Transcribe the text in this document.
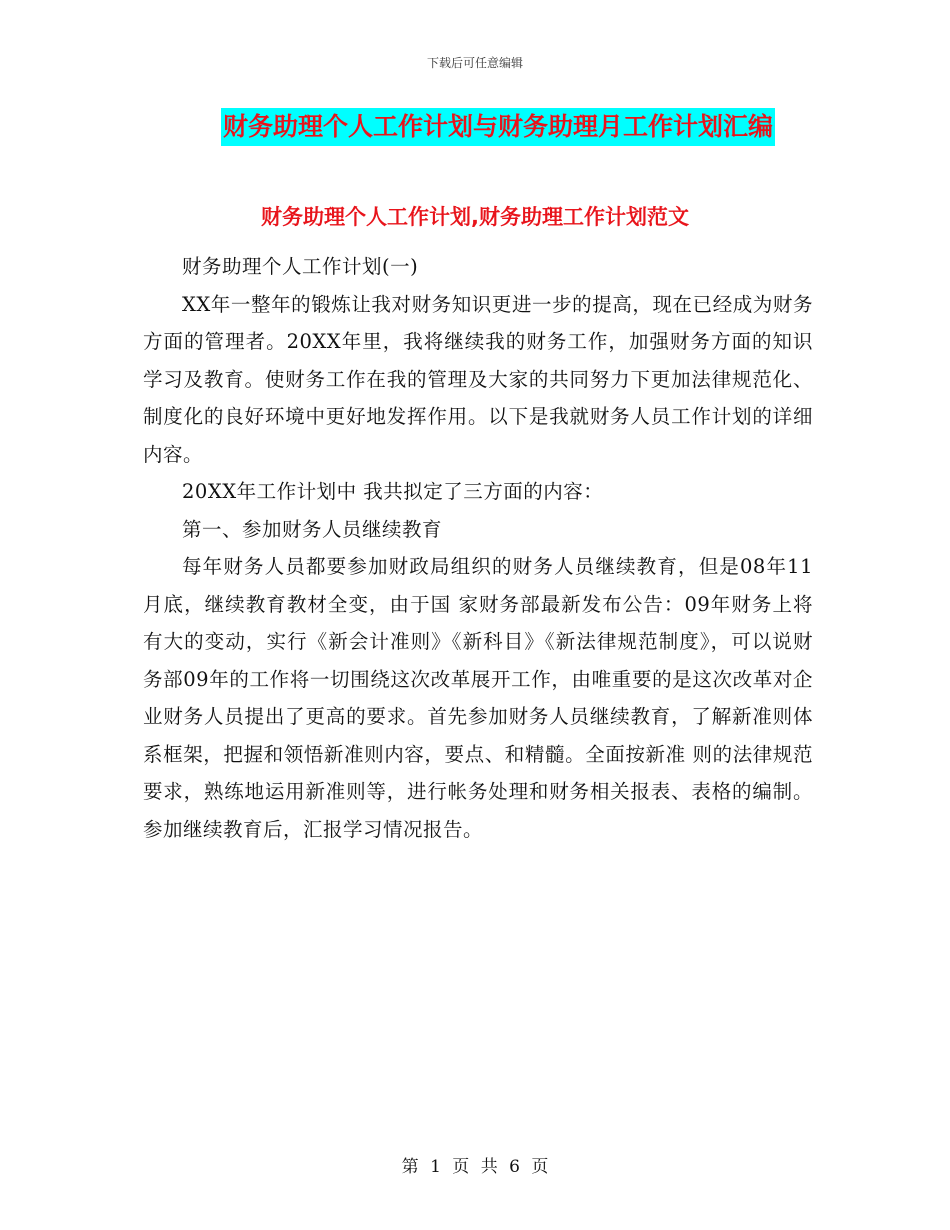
下载后可任意编辑
财务助理个人工作计划与财务助理月工作计划汇编
财务助理个人工作计划,财务助理工作计划范文

财务助理个人工作计划(一)

XX年一整年的锻炼让我对财务知识更进一步的提高，现在已经成为财务方面的管理者。20XX年里，我将继续我的财务工作，加强财务方面的知识学习及教育。使财务工作在我的管理及大家的共同努力下更加法律规范化、制度化的良好环境中更好地发挥作用。以下是我就财务人员工作计划的详细内容。

20XX年工作计划中 我共拟定了三方面的内容：

第一、参加财务人员继续教育

每年财务人员都要参加财政局组织的财务人员继续教育，但是08年11月底，继续教育教材全变，由于国 家财务部最新发布公告：09年财务上将有大的变动，实行《新会计准则》《新科目》《新法律规范制度》，可以说财务部09年的工作将一切围绕这次改革展开工作，由唯重要的是这次改革对企业财务人员提出了更高的要求。首先参加财务人员继续教育，了解新准则体系框架，把握和领悟新准则内容，要点、和精髓。全面按新准 则的法律规范要求，熟练地运用新准则等，进行帐务处理和财务相关报表、表格的编制。参加继续教育后，汇报学习情况报告。

第 1 页 共 6 页
